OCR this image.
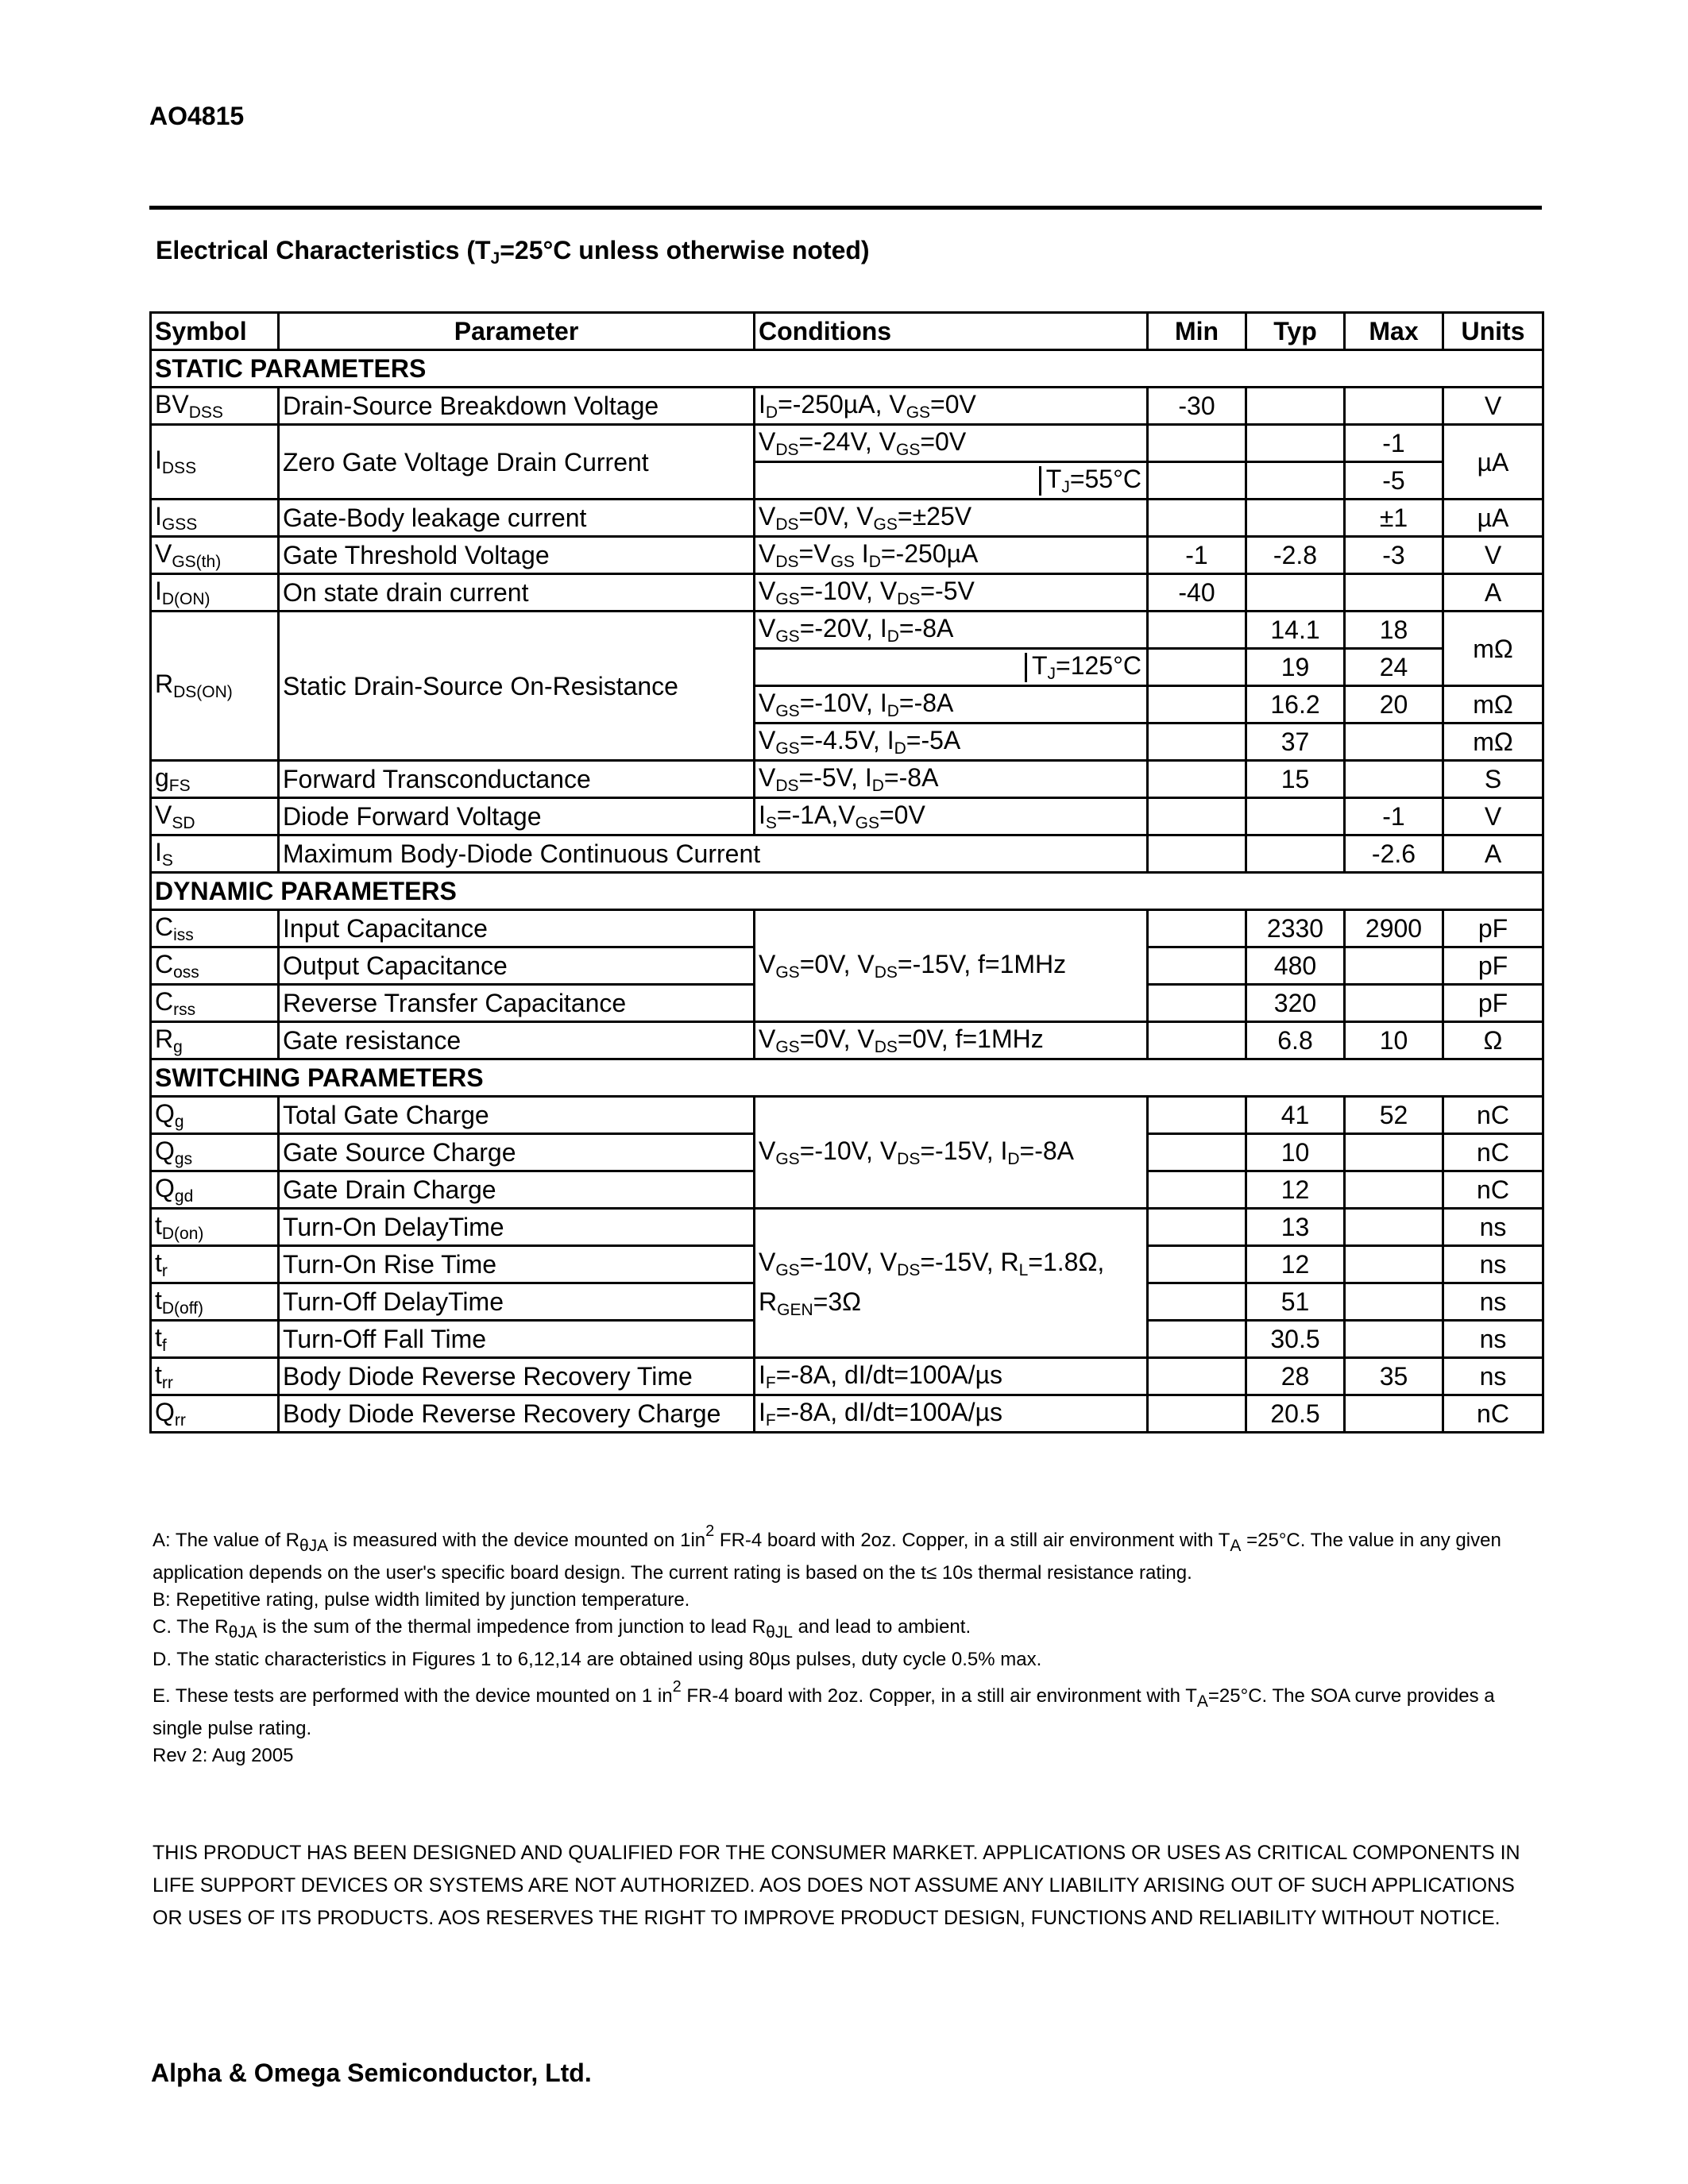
AO4815
Electrical Characteristics ($T_J=25^\circ C$ unless otherwise noted)
Symbol	Parameter	Conditions	Min	Typ	Max	Units
STATIC PARAMETERS						
$BV_{DSS}$	Drain-Source Breakdown Voltage	$I_D=-250\mu A$, $V_{GS}=0V$	-30			V
$I_{DSS}$	Zero Gate Voltage Drain Current	$V_{DS}=-24V$, $V_{GS}=0V$			-1	µA

		$T_J=55^\circ C$			-5	
$I_{GSS}$	Gate-Body leakage current	$V_{DS}=0V$, $V_{GS}=\pm 25V$			±1	µA
$V_{GS(th)}$	Gate Threshold Voltage	$V_{DS}=V_{GS}$ $I_D=-250\mu A$	-1	-2.8	-3	V
$I_{D(ON)}$	On state drain current	$V_{GS}=-10V$, $V_{DS}=-5V$	-40			A
$R_{DS(ON)}$	Static Drain-Source On-Resistance	$V_{GS}=-20V$, $I_D=-8A$		14.1	18	mΩ

		$T_J=125^\circ C$		19	24	
		$V_{GS}=-10V$, $I_D=-8A$		16.2	20	mΩ
		$V_{GS}=-4.5V$, $I_D=-5A$		37		mΩ
$g_{FS}$	Forward Transconductance	$V_{DS}=-5V$, $I_D=-8A$		15		S
$V_{SD}$	Diode Forward Voltage	$I_S=-1A,V_{GS}=0V$			-1	V
$I_S$	Maximum Body-Diode Continuous Current				-2.6	A
DYNAMIC PARAMETERS						
$C_{iss}$	Input Capacitance	$V_{GS}=0V$, $V_{DS}=-15V$, f=1MHz		2330	2900	pF
$C_{oss}$	Output Capacitance			480		pF
$C_{rss}$	Reverse Transfer Capacitance			320		pF
$R_g$	Gate resistance	$V_{GS}=0V$, $V_{DS}=0V$, f=1MHz		6.8	10	Ω
SWITCHING PARAMETERS						
$Q_g$	Total Gate Charge	$V_{GS}=-10V$, $V_{DS}=-15V$, $I_D=-8A$		41	52	nC
$Q_{gs}$	Gate Source Charge			10		nC
$Q_{gd}$	Gate Drain Charge			12		nC
$t_{D(on)}$	Turn-On DelayTime	$V_{GS}=-10V$, $V_{DS}=-15V$, $R_L=1.8\Omega$, $R_{GEN}=3\Omega$		13		ns
$t_r$	Turn-On Rise Time			12		ns
$t_{D(off)}$	Turn-Off DelayTime			51		ns
$t_f$	Turn-Off Fall Time			30.5		ns
$t_{rr}$	Body Diode Reverse Recovery Time	$I_F=-8A$, dI/dt=100A/µs		28	35	ns
$Q_{rr}$	Body Diode Reverse Recovery Charge	$I_F=-8A$, dI/dt=100A/µs		20.5		nC

A: The value of RθJA is measured with the device mounted on $1in^2$ FR-4 board with 2oz. Copper, in a still air environment with TA =25°C. The value in any given application depends on the user's specific board design. The current rating is based on the t≤ 10s thermal resistance rating.

B: Repetitive rating, pulse width limited by junction temperature.

C. The RθJA is the sum of the thermal impedence from junction to lead RθJL and lead to ambient.

D. The static characteristics in Figures 1 to 6,12,14 are obtained using 80µs pulses, duty cycle 0.5% max.

E. These tests are performed with the device mounted on 1 $in^2$ FR-4 board with 2oz. Copper, in a still air environment with TA=25°C. The SOA curve provides a single pulse rating.

Rev 2: Aug 2005

THIS PRODUCT HAS BEEN DESIGNED AND QUALIFIED FOR THE CONSUMER MARKET. APPLICATIONS OR USES AS CRITICAL COMPONENTS IN LIFE SUPPORT DEVICES OR SYSTEMS ARE NOT AUTHORIZED. AOS DOES NOT ASSUME ANY LIABILITY ARISING OUT OF SUCH APPLICATIONS OR USES OF ITS PRODUCTS. AOS RESERVES THE RIGHT TO IMPROVE PRODUCT DESIGN, FUNCTIONS AND RELIABILITY WITHOUT NOTICE.
Alpha & Omega Semiconductor, Ltd.
